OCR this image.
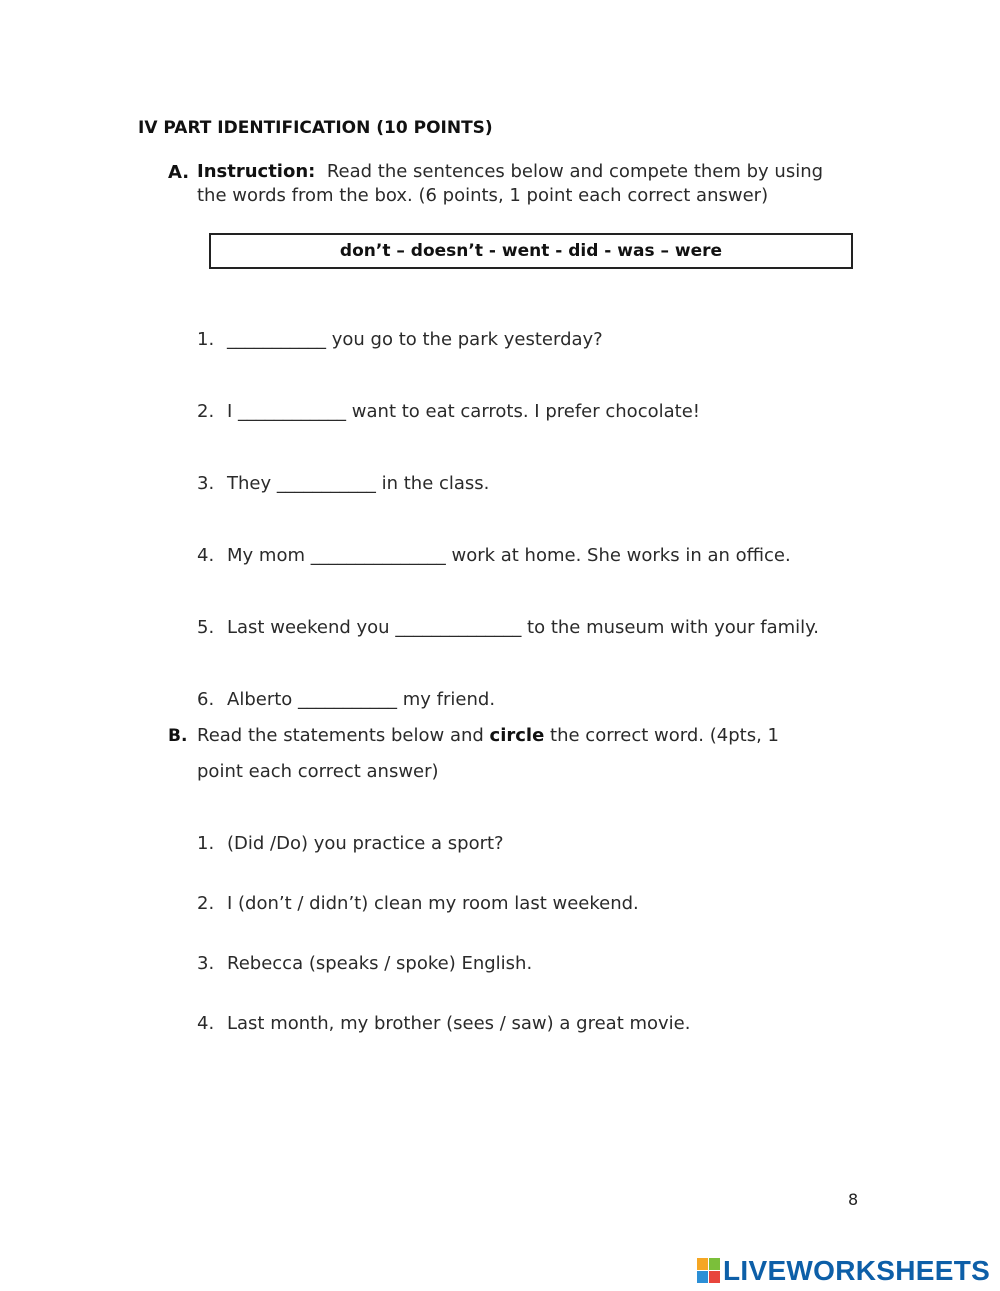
IV PART IDENTIFICATION (10 POINTS)
A. Instruction: Read the sentences below and compete them by using
the words from the box. (6 points, 1 point each correct answer)
don’t – doesn’t - went - did - was – were
1. ___________ you go to the park yesterday?
2. I ____________ want to eat carrots. I prefer chocolate!
3. They ___________ in the class.
4. My mom _______________ work at home. She works in an office.
5. Last weekend you ______________ to the museum with your family.
6. Alberto ___________ my friend.
B. Read the statements below and circle the correct word. (4pts, 1
point each correct answer)
1. (Did /Do) you practice a sport?
2. I (don’t / didn’t) clean my room last weekend.
3. Rebecca (speaks / spoke) English.
4. Last month, my brother (sees / saw) a great movie.
8
LIVEWORKSHEETS
